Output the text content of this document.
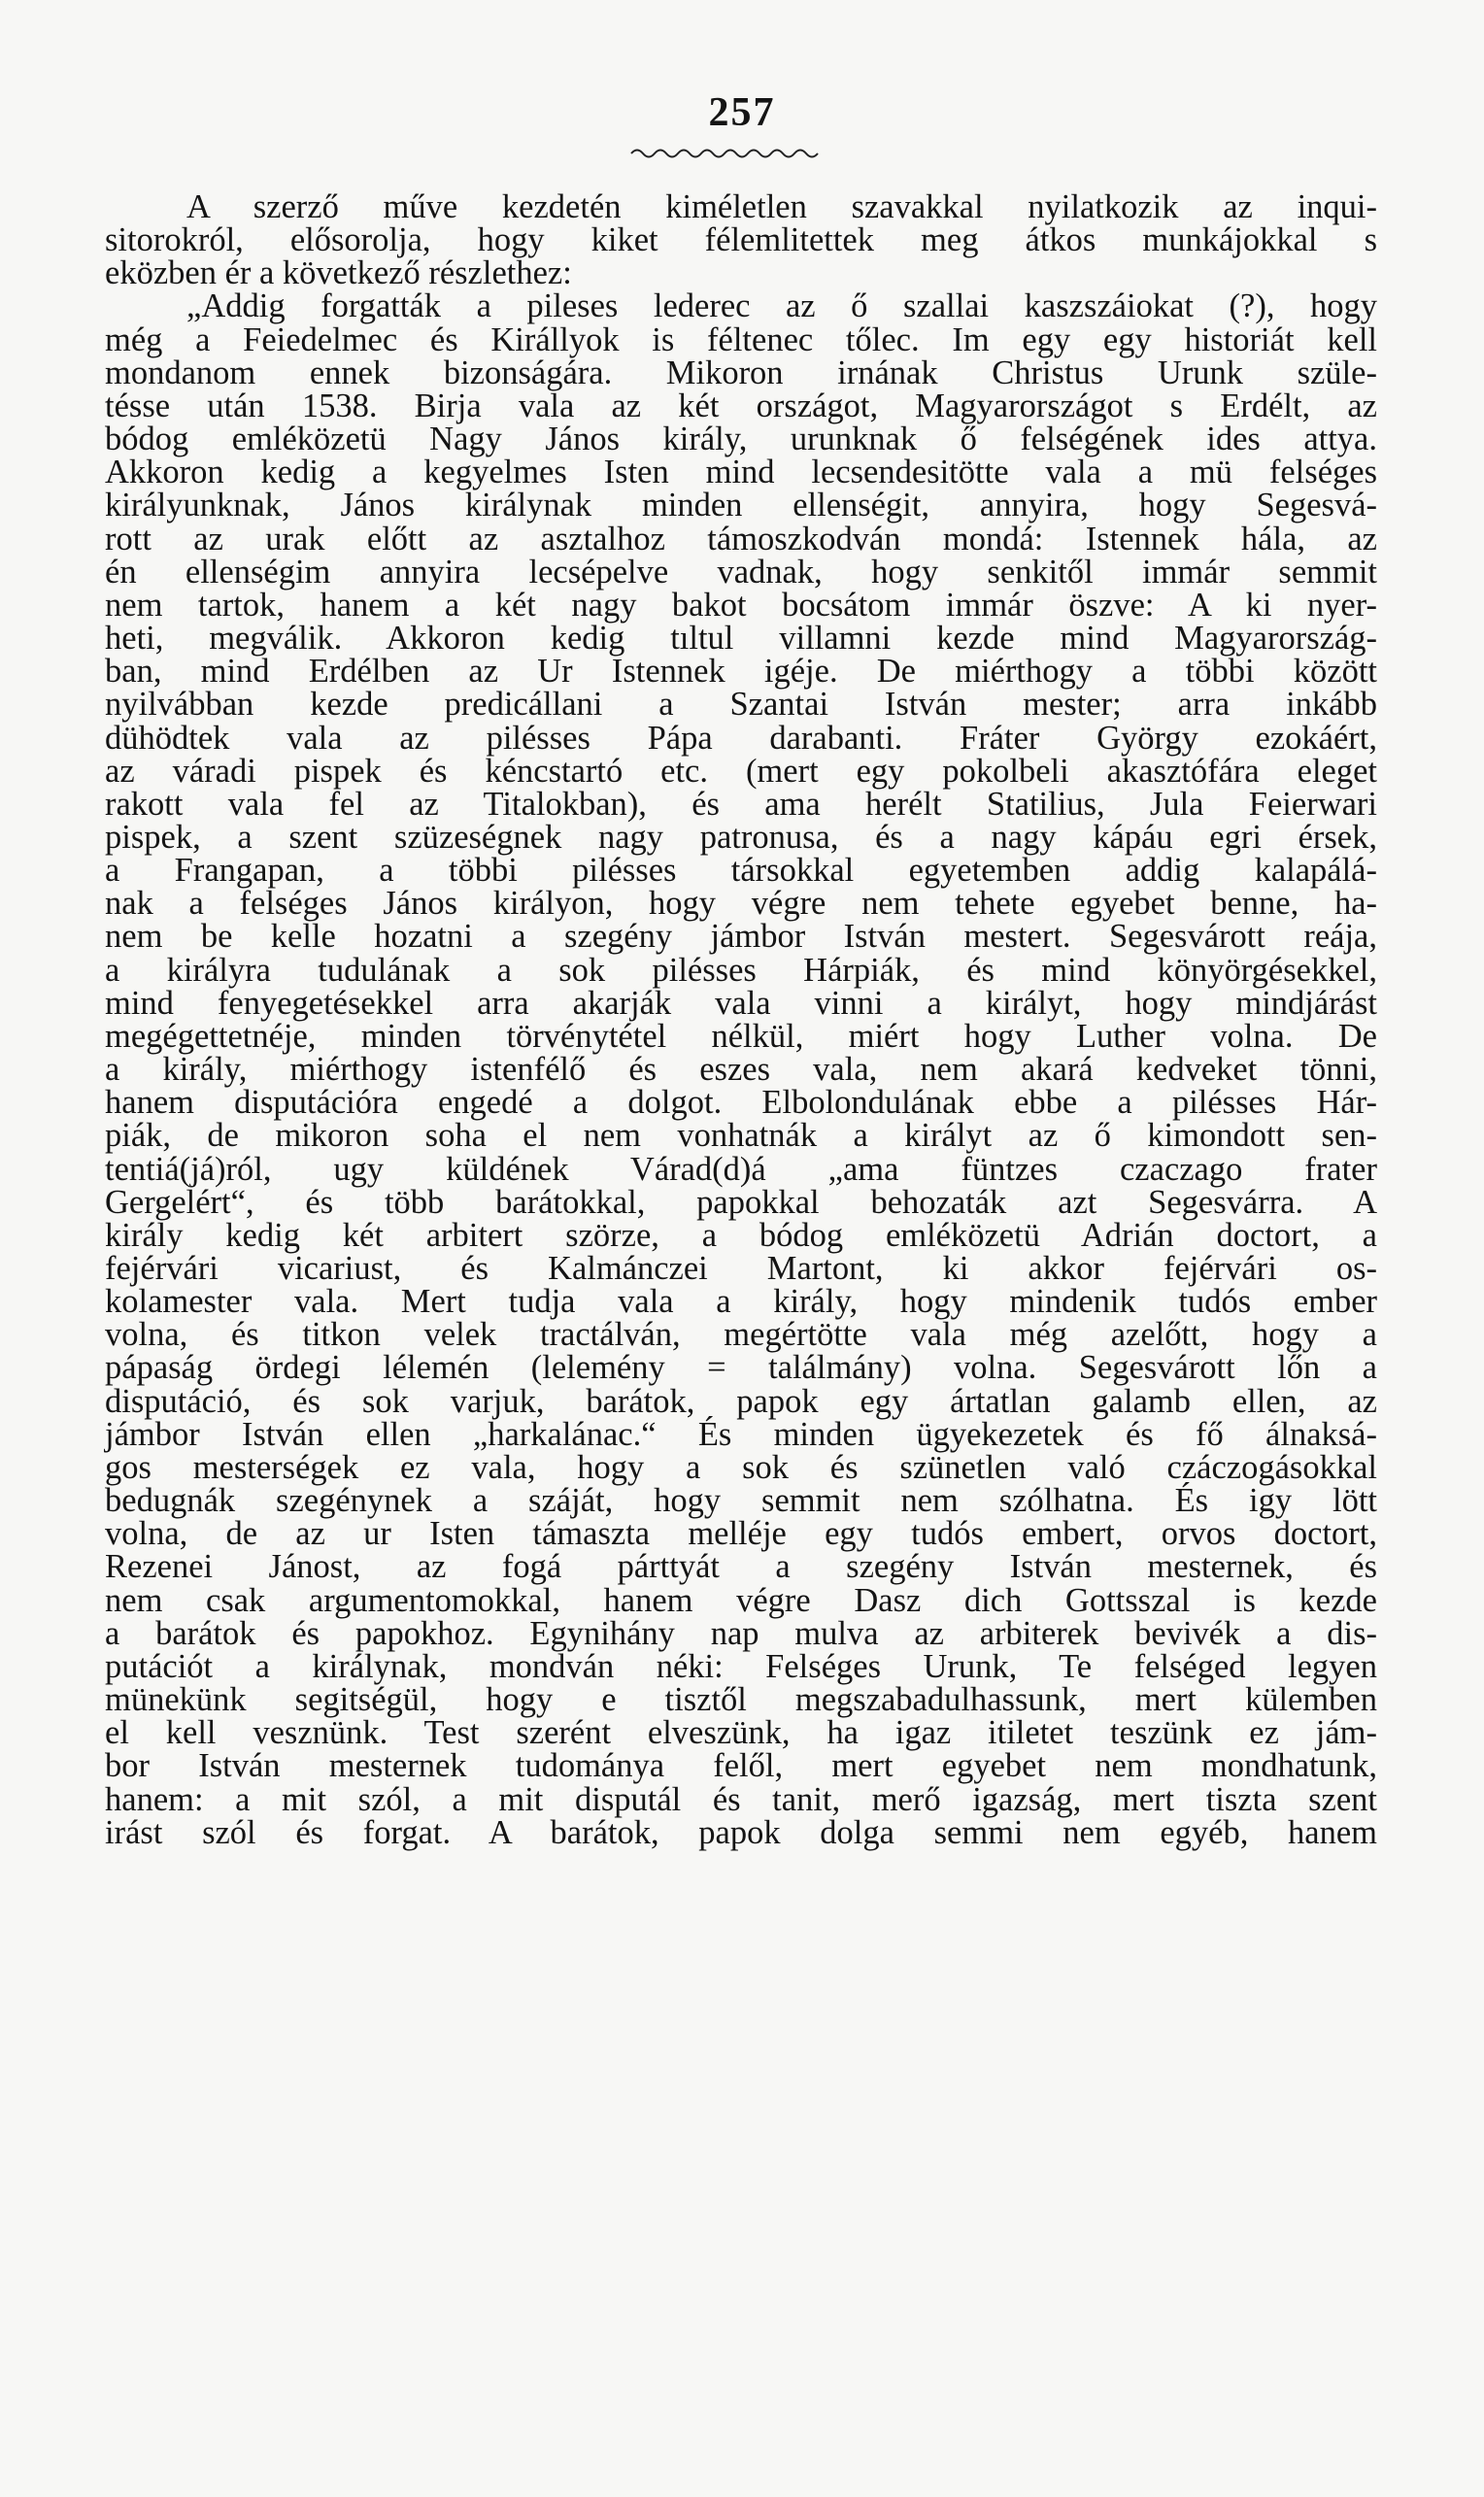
257
A szerző műve kezdetén kiméletlen szavakkal nyilatkozik az inqui-
sitorokról, elősorolja, hogy kiket félemlitettek meg átkos munkájokkal s
eközben ér a következő részlethez:
„Addig forgatták a pileses lederec az ő szallai kaszszáiokat (?), hogy
még a Feiedelmec és Királlyok is féltenec tőlec. Im egy egy historiát kell
mondanom ennek bizonságára. Mikoron irnának Christus Urunk szüle-
tésse után 1538. Birja vala az két országot, Magyarországot s Erdélt, az
bódog emléközetü Nagy János király, urunknak ő felségének ides attya.
Akkoron kedig a kegyelmes Isten mind lecsendesitötte vala a mü felséges
királyunknak, János királynak minden ellenségit, annyira, hogy Segesvá-
rott az urak előtt az asztalhoz támoszkodván mondá: Istennek hála, az
én ellenségim annyira lecsépelve vadnak, hogy senkitől immár semmit
nem tartok, hanem a két nagy bakot bocsátom immár öszve: A ki nyer-
heti, megválik. Akkoron kedig tıltul villamni kezde mind Magyarország-
ban, mind Erdélben az Ur Istennek igéje. De miérthogy a többi között
nyilvábban kezde predicállani a Szantai István mester; arra inkább
dühödtek vala az pilésses Pápa darabanti. Fráter György ezokáért,
az váradi pispek és kéncstartó etc. (mert egy pokolbeli akasztófára eleget
rakott vala fel az Titalokban), és ama herélt Statilius, Jula Feierwari
pispek, a szent szüzeségnek nagy patronusa, és a nagy kápáu egri érsek,
a Frangapan, a többi pilésses társokkal egyetemben addig kalapálá-
nak a felséges János királyon, hogy végre nem tehete egyebet benne, ha-
nem be kelle hozatni a szegény jámbor István mestert. Segesvárott reája,
a királyra tudulának a sok pilésses Hárpiák, és mind könyörgésekkel,
mind fenyegetésekkel arra akarják vala vinni a királyt, hogy mindjárást
megégettetnéje, minden törvénytétel nélkül, miért hogy Luther volna. De
a király, miérthogy istenfélő és eszes vala, nem akará kedveket tönni,
hanem disputációra engedé a dolgot. Elbolondulának ebbe a pilésses Hár-
piák, de mikoron soha el nem vonhatnák a királyt az ő kimondott sen-
tentiá(já)ról, ugy küldének Várad(d)á „ama füntzes czaczago frater
Gergelért“, és több barátokkal, papokkal behozaták azt Segesvárra. A
király kedig két arbitert szörze, a bódog emléközetü Adrián doctort, a
fejérvári vicariust, és Kalmánczei Martont, ki akkor fejérvári os-
kolamester vala. Mert tudja vala a király, hogy mindenik tudós ember
volna, és titkon velek tractálván, megértötte vala még azelőtt, hogy a
pápaság ördegi lélemén (lelemény = találmány) volna. Segesvárott lőn a
disputáció, és sok varjuk, barátok, papok egy ártatlan galamb ellen, az
jámbor István ellen „harkalánac.“ És minden ügyekezetek és fő álnaksá-
gos mesterségek ez vala, hogy a sok és szünetlen való czáczogásokkal
bedugnák szegénynek a száját, hogy semmit nem szólhatna. És igy lött
volna, de az ur Isten támaszta melléje egy tudós embert, orvos doctort,
Rezenei Jánost, az fogá párttyát a szegény István mesternek, és
nem csak argumentomokkal, hanem végre Dasz dich Gottsszal is kezde
a barátok és papokhoz. Egynihány nap mulva az arbiterek bevivék a dis-
putációt a királynak, mondván néki: Felséges Urunk, Te felséged legyen
münekünk segitségül, hogy e tisztől megszabadulhassunk, mert külemben
el kell vesznünk. Test szerént elveszünk, ha igaz itiletet teszünk ez jám-
bor István mesternek tudománya felől, mert egyebet nem mondhatunk,
hanem: a mit szól, a mit disputál és tanit, merő igazság, mert tiszta szent
irást szól és forgat. A barátok, papok dolga semmi nem egyéb, hanem
